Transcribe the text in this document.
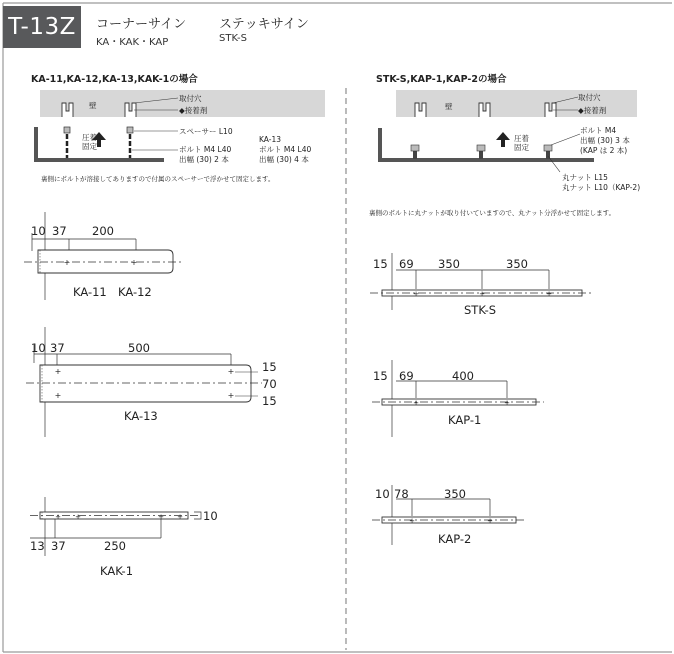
壁
取付穴
◆接着剤
圧着
固定
スペーサー L10
ボルト M4 L40
出幅 (30) 2 本
KA-13
ボルト M4 L40
出幅 (30) 4 本
裏側にボルトが溶接してありますので付属のスペーサーで浮かせて固定します。
+	+
10 37 200
KA-11 KA-12
+
+
+
+
10 37	500
15
70
15
KA-13
+ +	+ + 10
13 37	250
KAK-1
壁
取付穴
◆接着剤
圧着
固定
ボルト M4
出幅 (30) 3 本
(KAP は 2 本)
丸ナット L15
丸ナット L10（KAP-2)
裏側のボルトに丸ナットが取り付いていますので、丸ナット分浮かせて固定します。
+	+	+
15 69 350	350
STK-S
+	+
15 69	400
KAP-1
+	+
10 78	350
KAP-2
T-13Z	コーナーサイン
KA・KAK・KAP
ステッキサイン
STK-S
KA-11,KA-12,KA-13,KAK-1の場合	STK-S,KAP-1,KAP-2の場合
